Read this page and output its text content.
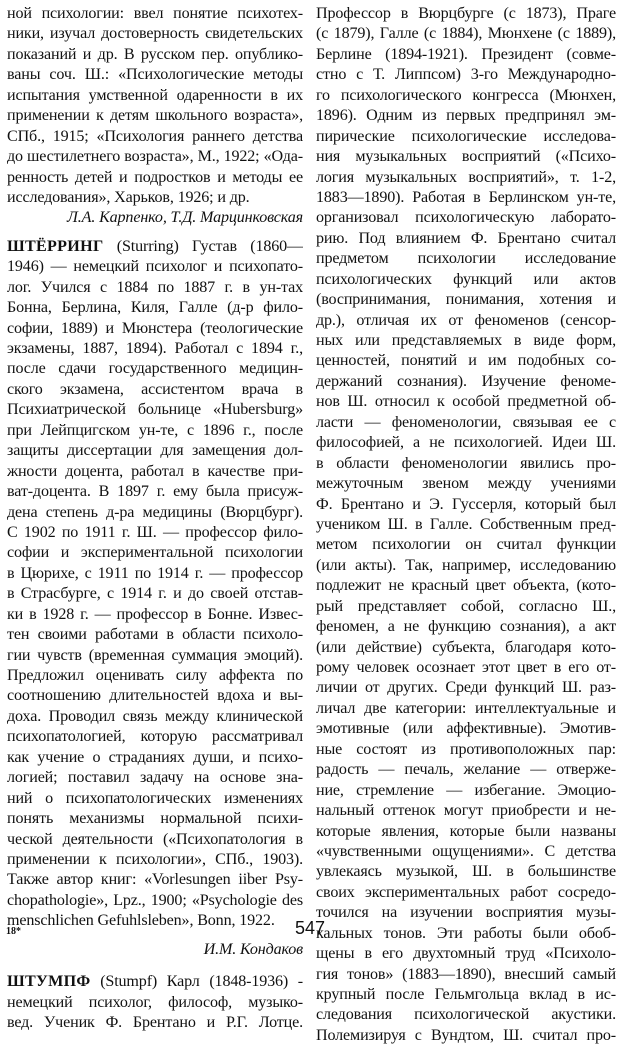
ной психологии: ввел понятие психотех-
ники, изучал достоверность свидетельских
показаний и др. В русском пер. опублико-
ваны соч. Ш.: «Психологические методы
испытания умственной одаренности в их
применении к детям школьного возраста»,
СПб., 1915; «Психология раннего детства
до шестилетнего возраста», М., 1922; «Ода-
ренность детей и подростков и методы ее
исследования», Харьков, 1926; и др.
Л.А. Карпенко, Т.Д. Марцинковская
ШТЁРРИНГ (Sturring) Густав (1860—
1946) — немецкий психолог и психопато-
лог. Учился с 1884 по 1887 г. в ун-тах
Бонна, Берлина, Киля, Галле (д-р фило-
софии, 1889) и Мюнстера (теологические
экзамены, 1887, 1894). Работал с 1894 г.,
после сдачи государственного медицин-
ского экзамена, ассистентом врача в
Психиатрической больнице «Hubersburg»
при Лейпцигском ун-те, с 1896 г., после
защиты диссертации для замещения дол-
жности доцента, работал в качестве при-
ват-доцента. В 1897 г. ему была присуж-
дена степень д-ра медицины (Вюрцбург).
С 1902 по 1911 г. Ш. — профессор фило-
софии и экспериментальной психологии
в Цюрихе, с 1911 по 1914 г. — профессор
в Страсбурге, с 1914 г. и до своей отстав-
ки в 1928 г. — профессор в Бонне. Извес-
тен своими работами в области психоло-
гии чувств (временная суммация эмоций).
Предложил оценивать силу аффекта по
соотношению длительностей вдоха и вы-
доха. Проводил связь между клинической
психопатологией, которую рассматривал
как учение о страданиях души, и психо-
логией; поставил задачу на основе зна-
ний о психопатологических изменениях
понять механизмы нормальной психи-
ческой деятельности («Психопатология в
применении к психологии», СПб., 1903).
Также автор книг: «Vorlesungen iiber Psy-
chopathologie», Lpz., 1900; «Psychologie des
menschlichen Gefuhlsleben», Bonn, 1922.
И.М. Кондаков
ШТУМПФ (Stumpf) Карл (1848-1936) -
немецкий психолог, философ, музыко-
вед. Ученик Ф. Брентано и Р.Г. Лотце.
Профессор в Вюрцбурге (с 1873), Праге
(с 1879), Галле (с 1884), Мюнхене (с 1889),
Берлине (1894-1921). Президент (совме-
стно с Т. Липпсом) 3-го Международно-
го психологического конгресса (Мюнхен,
1896). Одним из первых предпринял эм-
пирические психологические исследова-
ния музыкальных восприятий («Психо-
логия музыкальных восприятий», т. 1-2,
1883—1890). Работая в Берлинском ун-те,
организовал психологическую лаборато-
рию. Под влиянием Ф. Брентано считал
предметом психологии исследование
психологических функций или актов
(воспринимания, понимания, хотения и
др.), отличая их от феноменов (сенсор-
ных или представляемых в виде форм,
ценностей, понятий и им подобных со-
держаний сознания). Изучение феноме-
нов Ш. относил к особой предметной об-
ласти — феноменологии, связывая ее с
философией, а не психологией. Идеи Ш.
в области феноменологии явились про-
межуточным звеном между учениями
Ф. Брентано и Э. Гуссерля, который был
учеником Ш. в Галле. Собственным пред-
метом психологии он считал функции
(или акты). Так, например, исследованию
подлежит не красный цвет объекта, (кото-
рый представляет собой, согласно Ш.,
феномен, а не функцию сознания), а акт
(или действие) субъекта, благодаря кото-
рому человек осознает этот цвет в его от-
личии от других. Среди функций Ш. раз-
личал две категории: интеллектуальные и
эмотивные (или аффективные). Эмотив-
ные состоят из противоположных пар:
радость — печаль, желание — отверже-
ние, стремление — избегание. Эмоцио-
нальный оттенок могут приобрести и не-
которые явления, которые были названы
«чувственными ощущениями». С детства
увлекаясь музыкой, Ш. в большинстве
своих экспериментальных работ сосредо-
точился на изучении восприятия музы-
кальных тонов. Эти работы были обоб-
щены в его двухтомный труд «Психоло-
гия тонов» (1883—1890), внесший самый
крупный после Гельмгольца вклад в ис-
следования психологической акустики.
Полемизируя с Вундтом, Ш. считал про-
18*	547
